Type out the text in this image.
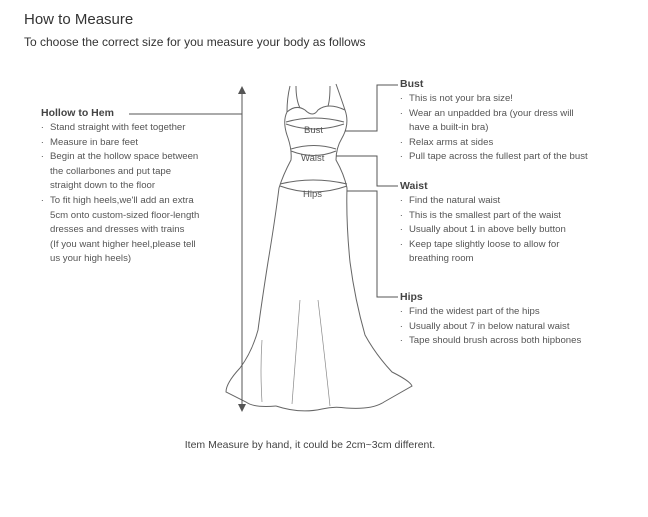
How to Measure
To choose the correct size for you measure your body as follows
Bust
Waist
Hips
Hollow to Hem
. Stand straight with feet together
. Measure in bare feet
. Begin at the hollow space between
the collarbones and put tape
straight down to the floor
. To fit high heels,we'll add an extra
5cm onto custom-sized floor-length
dresses and dresses with trains
(If you want higher heel,please tell
us your high heels)
Bust
. This is not your bra size!
. Wear an unpadded bra (your dress will
have a built-in bra)
. Relax arms at sides
. Pull tape across the fullest part of the bust
Waist
. Find the natural waist
. This is the smallest part of the waist
. Usually about 1 in above belly button
. Keep tape slightly loose to allow for
breathing room
Hips
. Find the widest part of the hips
. Usually about 7 in below natural waist
. Tape should brush across both hipbones
Item Measure by hand, it could be 2cm~3cm different.
